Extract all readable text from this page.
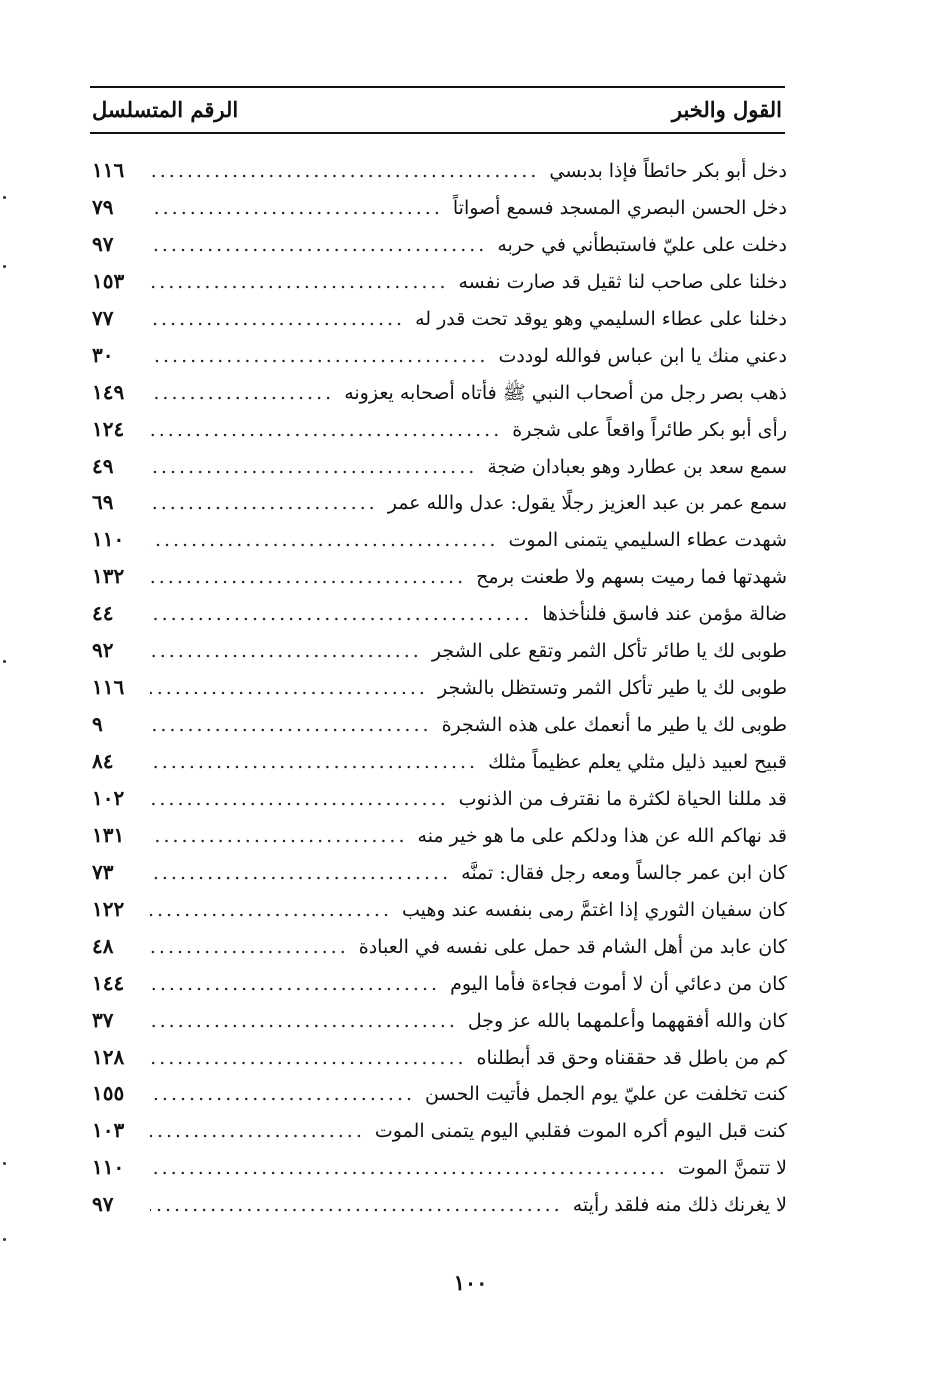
القول والخبر
الرقم المتسلسل
دخل أبو بكر حائطاً فإذا بدبسي
.....
١١٦
دخل الحسن البصري المسجد فسمع أصواتاً
.....
٧٩
دخلت على عليّ فاستبطأني في حربه
.....
٩٧
دخلنا على صاحب لنا ثقيل قد صارت نفسه
.....
١٥٣
دخلنا على عطاء السليمي وهو يوقد تحت قدر له
.....
٧٧
دعني منك يا ابن عباس فوالله لوددت
.....
٣٠
ذهب بصر رجل من أصحاب النبي ﷺ فأتاه أصحابه يعزونه
.....
١٤٩
رأى أبو بكر طائراً واقعاً على شجرة
.....
١٢٤
سمع سعد بن عطارد وهو بعبادان ضجة
.....
٤٩
سمع عمر بن عبد العزيز رجلًا يقول: عدل والله عمر
.....
٦٩
شهدت عطاء السليمي يتمنى الموت
.....
١١٠
شهدتها فما رميت بسهم ولا طعنت برمح
.....
١٣٢
ضالة مؤمن عند فاسق فلنأخذها
.....
٤٤
طوبى لك يا طائر تأكل الثمر وتقع على الشجر
.....
٩٢
طوبى لك يا طير تأكل الثمر وتستظل بالشجر
.....
١١٦
طوبى لك يا طير ما أنعمك على هذه الشجرة
.....
٩
قبيح لعبيد ذليل مثلي يعلم عظيماً مثلك
.....
٨٤
قد مللنا الحياة لكثرة ما نقترف من الذنوب
.....
١٠٢
قد نهاكم الله عن هذا ودلكم على ما هو خير منه
.....
١٣١
كان ابن عمر جالساً ومعه رجل فقال: تمنَّه
.....
٧٣
كان سفيان الثوري إذا اغتمَّ رمى بنفسه عند وهيب
.....
١٢٢
كان عابد من أهل الشام قد حمل على نفسه في العبادة
.....
٤٨
كان من دعائي أن لا أموت فجاءة فأما اليوم
.....
١٤٤
كان والله أفقههما وأعلمهما بالله عز وجل
.....
٣٧
كم من باطل قد حققناه وحق قد أبطلناه
.....
١٢٨
كنت تخلفت عن عليّ يوم الجمل فأتيت الحسن
.....
١٥٥
كنت قبل اليوم أكره الموت فقلبي اليوم يتمنى الموت
.....
١٠٣
لا تتمنَّ الموت
.....
١١٠
لا يغرنك ذلك منه فلقد رأيته
.....
٩٧
١٠٠
